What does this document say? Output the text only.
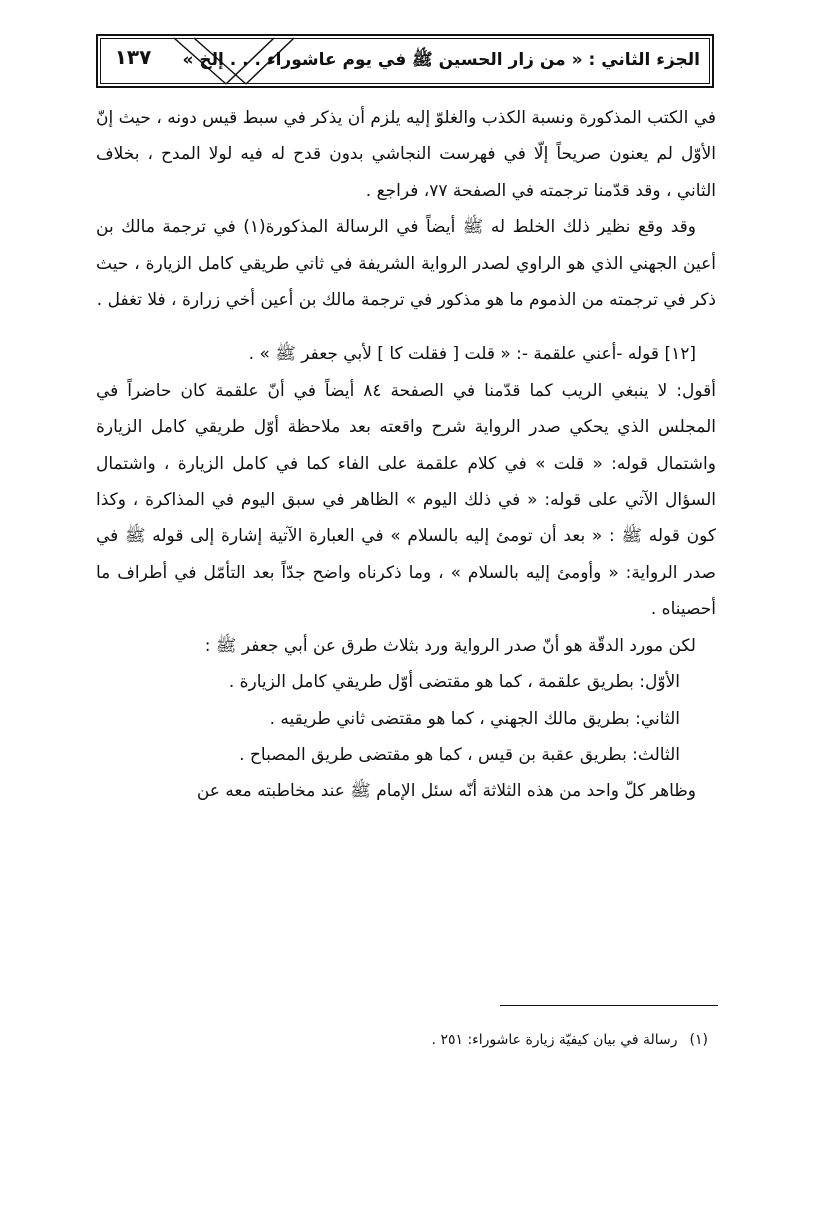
١٣٧	الجزء الثاني : « من زار الحسين ﷺ في يوم عاشوراء . . . إلخ »

في الكتب المذكورة ونسبة الكذب والغلوّ إليه يلزم أن يذكر في سبط قيس دونه ، حيث إنّ الأوّل لم يعنون صريحاً إلّا في فهرست النجاشي بدون قدح له فيه لولا المدح ، بخلاف الثاني ، وقد قدّمنا ترجمته في الصفحة ٧٧، فراجع .

وقد وقع نظير ذلك الخلط له ﷺ أيضاً في الرسالة المذكورة(١) في ترجمة مالك بن أعين الجهني الذي هو الراوي لصدر الرواية الشريفة في ثاني طريقي كامل الزيارة ، حيث ذكر في ترجمته من الذموم ما هو مذكور في ترجمة مالك بن أعين أخي زرارة ، فلا تغفل .

[١٢] قوله -أعني علقمة -: « قلت [ فقلت كا ] لأبي جعفر ﷺ » .

أقول: لا ينبغي الريب كما قدّمنا في الصفحة ٨٤ أيضاً في أنّ علقمة كان حاضراً في المجلس الذي يحكي صدر الرواية شرح واقعته بعد ملاحظة أوّل طريقي كامل الزيارة واشتمال قوله: « قلت » في كلام علقمة على الفاء كما في كامل الزيارة ، واشتمال السؤال الآتي على قوله: « في ذلك اليوم » الظاهر في سبق اليوم في المذاكرة ، وكذا كون قوله ﷺ : « بعد أن تومئ إليه بالسلام » في العبارة الآتية إشارة إلى قوله ﷺ في صدر الرواية: « وأومئ إليه بالسلام » ، وما ذكرناه واضح جدّاً بعد التأمّل في أطراف ما أحصيناه .

لكن مورد الدقّة هو أنّ صدر الرواية ورد بثلاث طرق عن أبي جعفر ﷺ :

الأوّل: بطريق علقمة ، كما هو مقتضى أوّل طريقي كامل الزيارة .

الثاني: بطريق مالك الجهني ، كما هو مقتضى ثاني طريقيه .

الثالث: بطريق عقبة بن قيس ، كما هو مقتضى طريق المصباح .

وظاهر كلّ واحد من هذه الثلاثة أنّه سئل الإمام ﷺ عند مخاطبته معه عن

(١)رسالة في بيان كيفيّة زيارة عاشوراء: ٢٥١ .
